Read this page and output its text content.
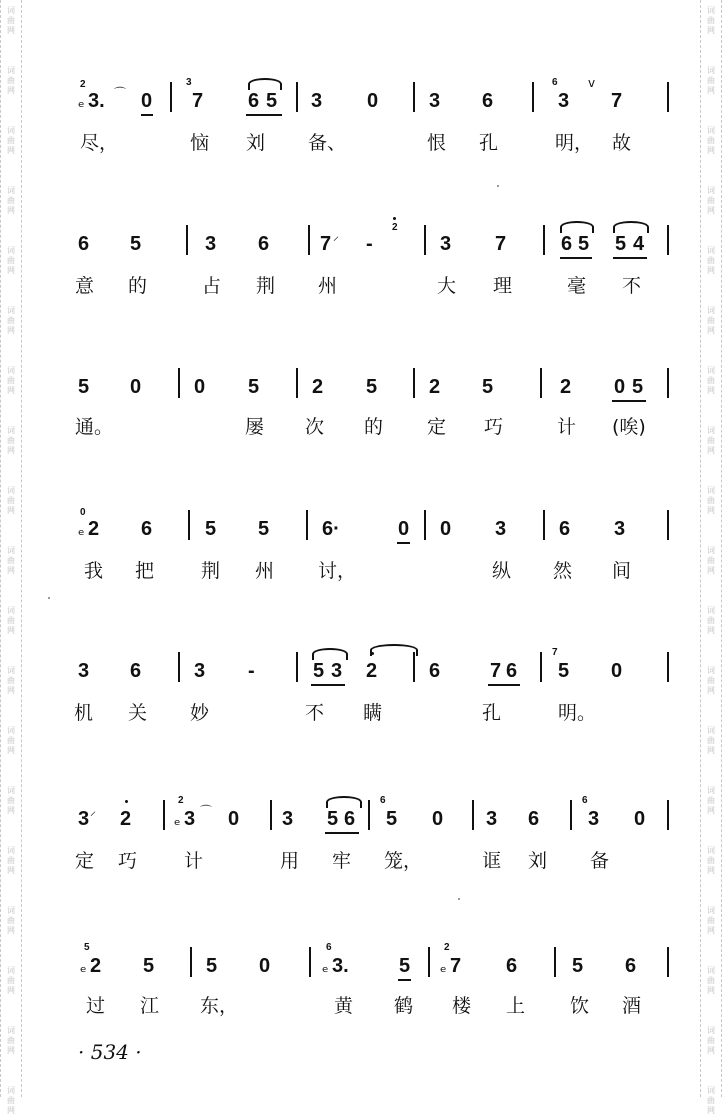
词
曲
网
词
曲
网
词
曲
网
词
曲
网
词
曲
网
词
曲
网
词
曲
网
词
曲
网
词
曲
网
词
曲
网
词
曲
网
词
曲
网
词
曲
网
词
曲
网
词
曲
网
词
曲
网
词
曲
网
词
曲
网
词
曲
网
词
曲
网
词
曲
网
词
曲
网
词
曲
网
词
曲
网
词
曲
网
词
曲
网
词
曲
网
词
曲
网
词
曲
网
词
曲
网
词
曲
网
词
曲
网
词
曲
网
词
曲
网
词
曲
网
词
曲
网
词
曲
网
词
曲
网
2
ₑ 3. ⌒ 0
3
7 6 5 3 0	3 6
6
3
v
7
尽，	恼 刘 备、	恨 孔	明， 故
6 5	3 6	7 ⸝ -
2
3 7	6 5 5 4
意 的	占 荆 州	大 理	毫 不
5 0	0 5	2 5	2 5	2 0 5
通。	屡 次 的 定 巧	计 (唉)
0
ₑ 2 6	5 5	6·	0 0 3	6 3
我 把 荆 州 讨，	纵 然 间
3 6	3 -	5 3 2	6 7 6
7
5 0
机 关 妙	不 瞒	孔	明。
3 ⸝ 2
2
ₑ 3 ⌒ 0 3 5 6
6
5 0 3 6
6
3 0
定 巧 计	用 牢 笼，	诓 刘 备
5
ₑ 2 5	5 0
6
ₑ 3.	5
2
ₑ 7 6	5 6
过 江 东，	黄 鹤 楼 上 饮 酒
· 534 ·
